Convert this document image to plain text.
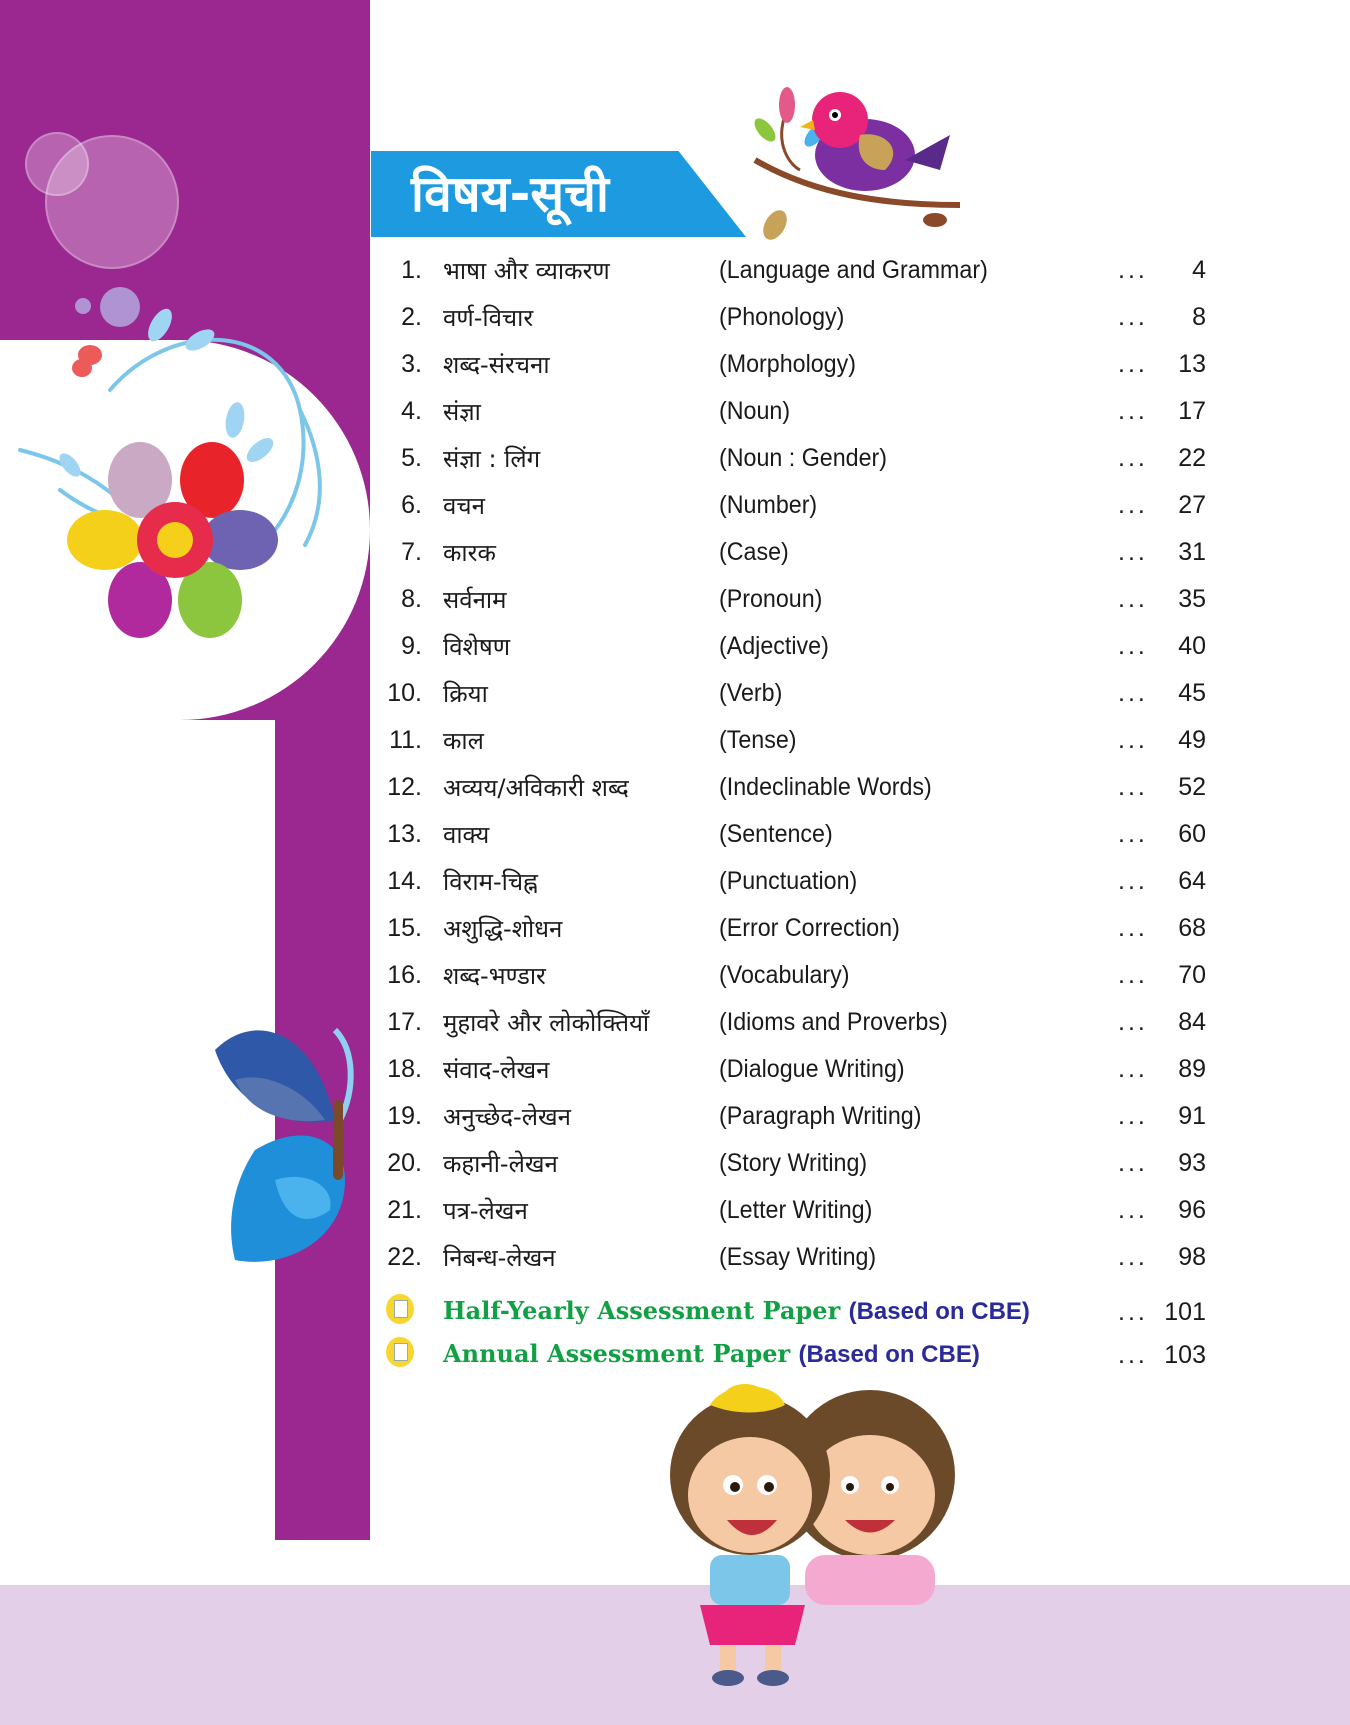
विषय-सूची
1. भाषा और व्याकरण	(Language and Grammar)	...	4
2. वर्ण-विचार	(Phonology)	...	8
3. शब्द-संरचना	(Morphology)	...	13
4. संज्ञा	(Noun)	...	17
5. संज्ञा : लिंग	(Noun : Gender)	...	22
6. वचन	(Number)	...	27
7. कारक	(Case)	...	31
8. सर्वनाम	(Pronoun)	...	35
9. विशेषण	(Adjective)	...	40
10. क्रिया	(Verb)	...	45
11. काल	(Tense)	...	49
12. अव्यय/अविकारी शब्द	(Indeclinable Words)	...	52
13. वाक्य	(Sentence)	...	60
14. विराम-चिह्न	(Punctuation)	...	64
15. अशुद्धि-शोधन	(Error Correction)	...	68
16. शब्द-भण्डार	(Vocabulary)	...	70
17. मुहावरे और लोकोक्तियाँ	(Idioms and Proverbs)	...	84
18. संवाद-लेखन	(Dialogue Writing)	...	89
19. अनुच्छेद-लेखन	(Paragraph Writing)	...	91
20. कहानी-लेखन	(Story Writing)	...	93
21. पत्र-लेखन	(Letter Writing)	...	96
22. निबन्ध-लेखन	(Essay Writing)	...	98
Half-Yearly Assessment Paper (Based on CBE)	... 101
Annual Assessment Paper (Based on CBE)	... 103
